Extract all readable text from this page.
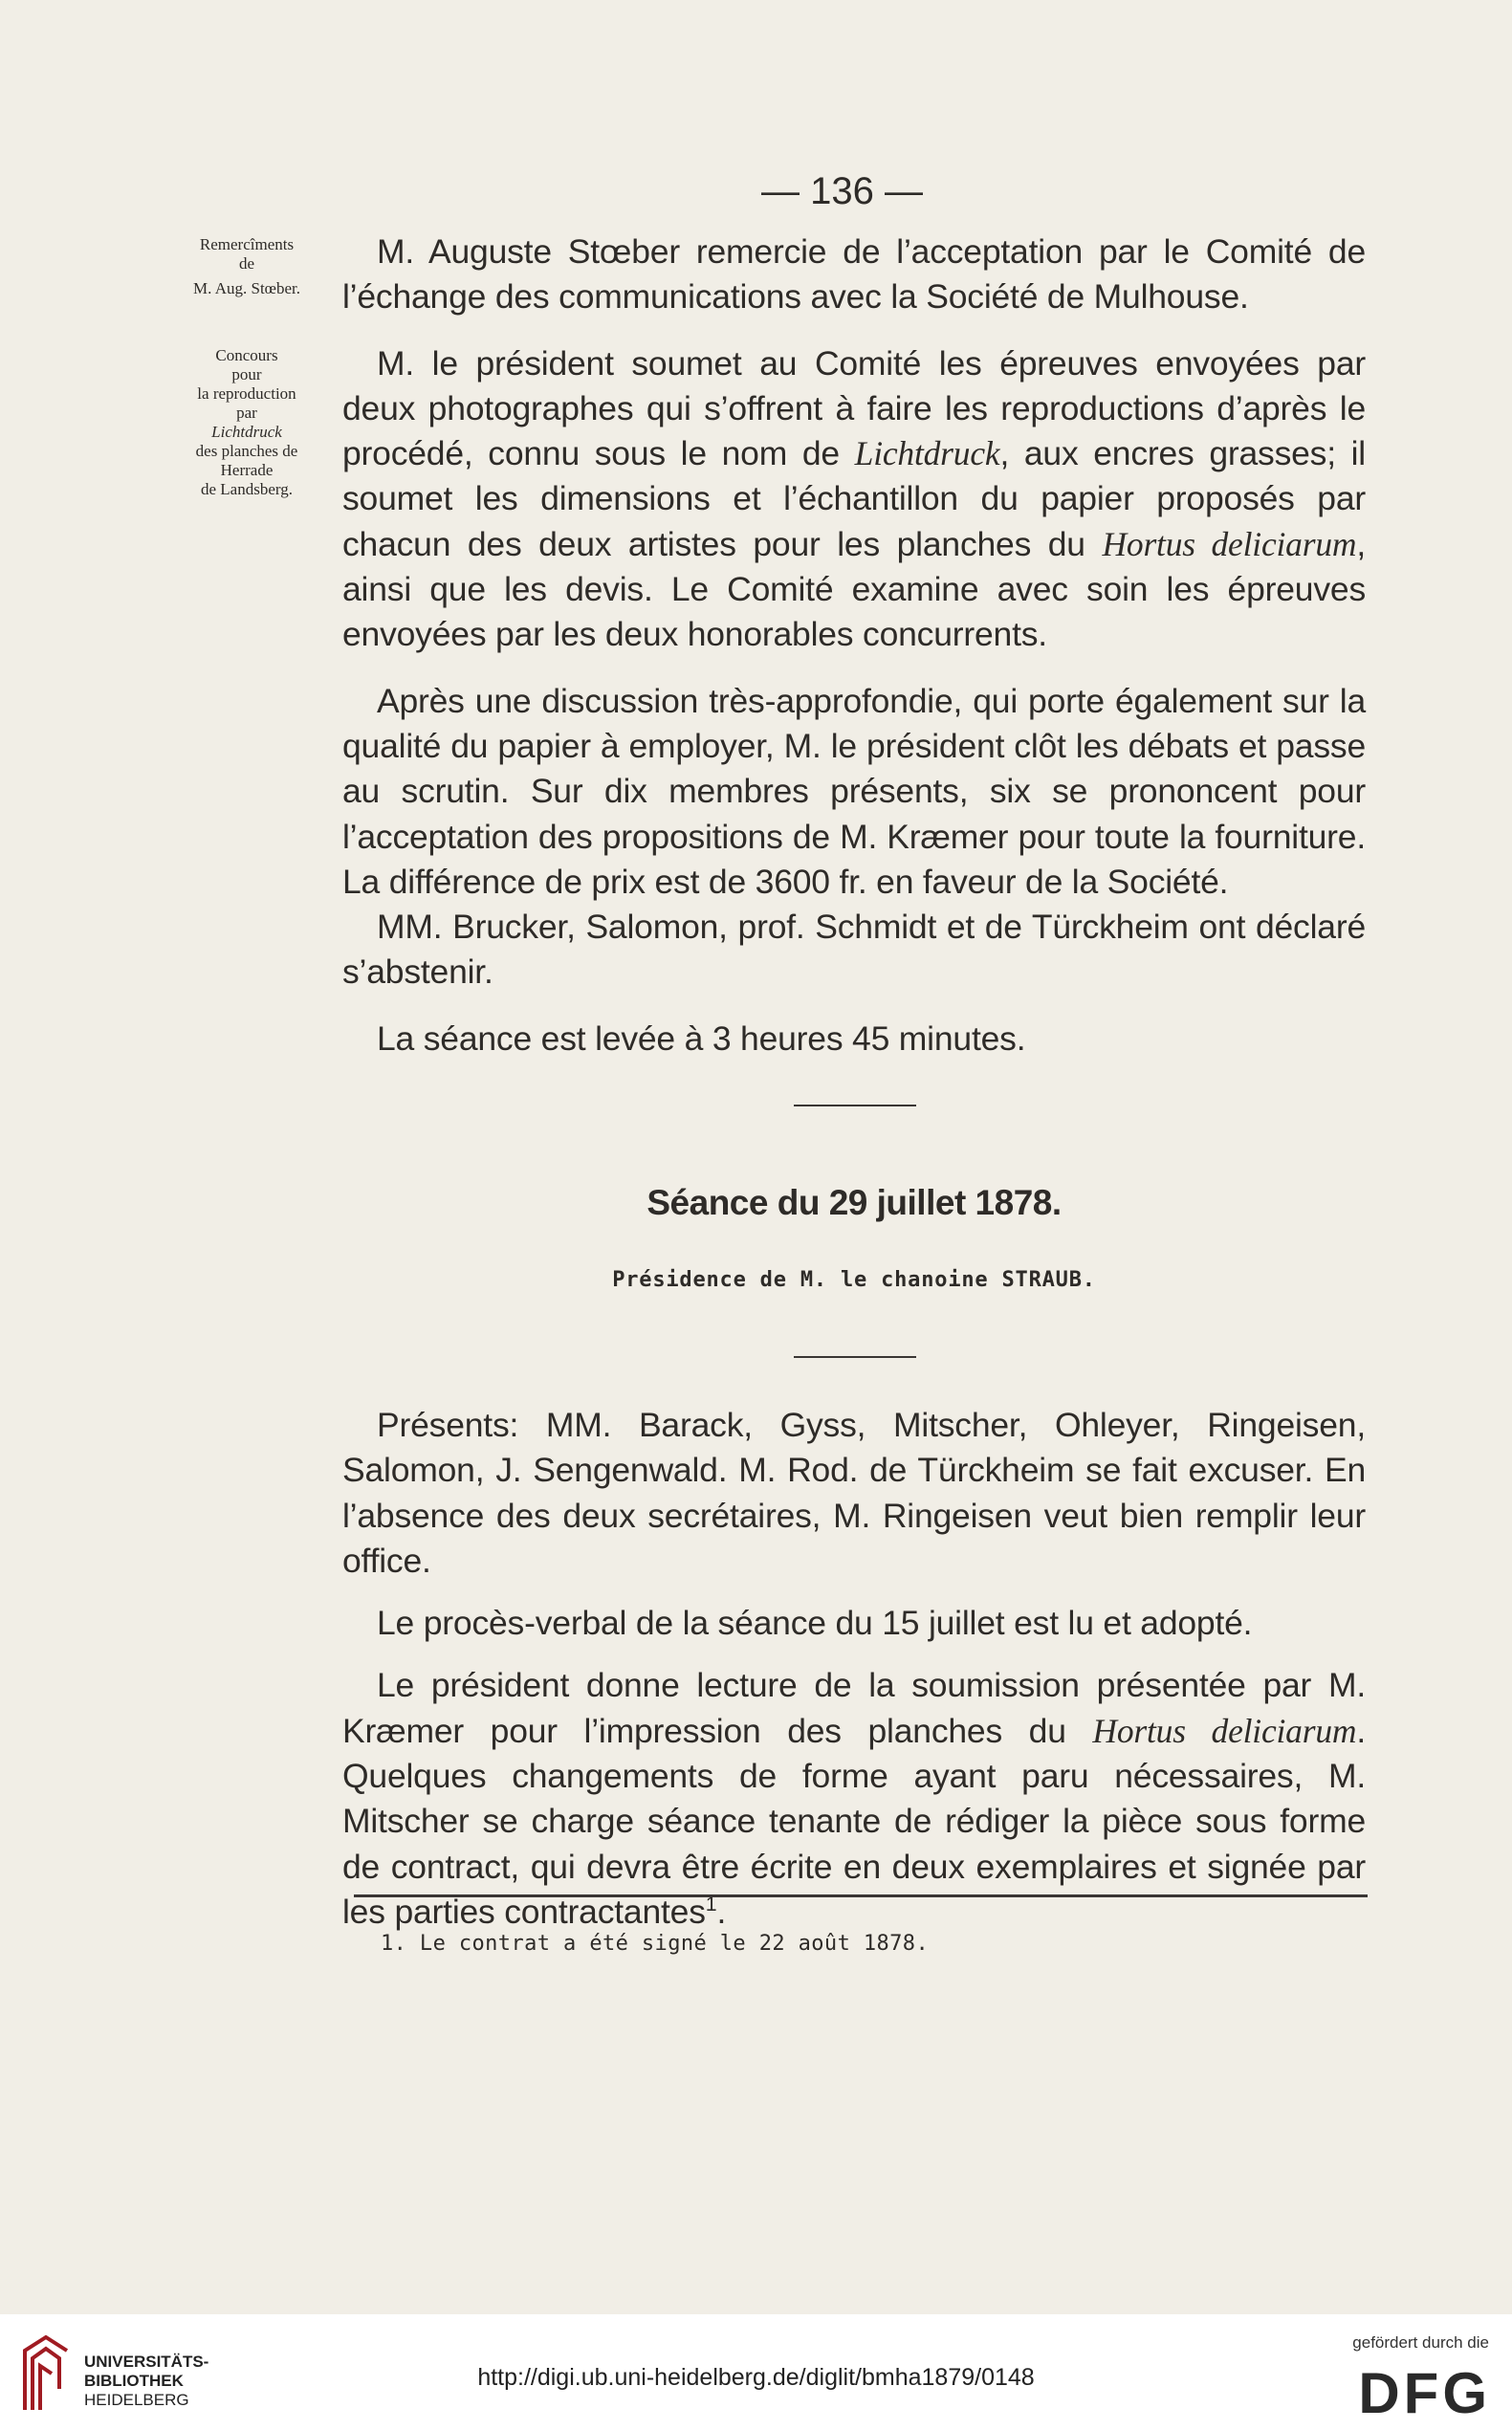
— 136 —
Remercîments
de
M. Aug. Stœber.
Concours
pour
la reproduction
par
Lichtdruck
des planches de
Herrade
de Landsberg.

M. Auguste Stœber remercie de l’acceptation par le Comité de l’échange des communications avec la Société de Mulhouse.

M. le président soumet au Comité les épreuves envoyées par deux photographes qui s’offrent à faire les reproductions d’après le procédé, connu sous le nom de Lichtdruck, aux encres grasses; il soumet les dimensions et l’échantillon du papier proposés par chacun des deux artistes pour les planches du Hortus deliciarum, ainsi que les devis. Le Comité examine avec soin les épreuves envoyées par les deux honorables concurrents.

Après une discussion très-approfondie, qui porte également sur la qualité du papier à employer, M. le président clôt les débats et passe au scrutin. Sur dix membres présents, six se prononcent pour l’acceptation des propositions de M. Kræmer pour toute la fourniture. La différence de prix est de 3600 fr. en faveur de la Société.

MM. Brucker, Salomon, prof. Schmidt et de Türckheim ont déclaré s’abstenir.

La séance est levée à 3 heures 45 minutes.

Séance du 29 juillet 1878.
Présidence de M. le chanoine STRAUB.

Présents: MM. Barack, Gyss, Mitscher, Ohleyer, Ringeisen, Salomon, J. Sengenwald. M. Rod. de Türckheim se fait excuser. En l’absence des deux secrétaires, M. Ringeisen veut bien remplir leur office.

Le procès-verbal de la séance du 15 juillet est lu et adopté.

Le président donne lecture de la soumission présentée par M. Kræmer pour l’impression des planches du Hortus deliciarum. Quelques changements de forme ayant paru nécessaires, M. Mitscher se charge séance tenante de rédiger la pièce sous forme de contract, qui devra être écrite en deux exemplaires et signée par les parties contractantes$^1$.

1. Le contrat a été signé le 22 août 1878.
UNIVERSITÄTS-
BIBLIOTHEK
HEIDELBERG
http://digi.ub.uni-heidelberg.de/diglit/bmha1879/0148
gefördert durch die
DFG
